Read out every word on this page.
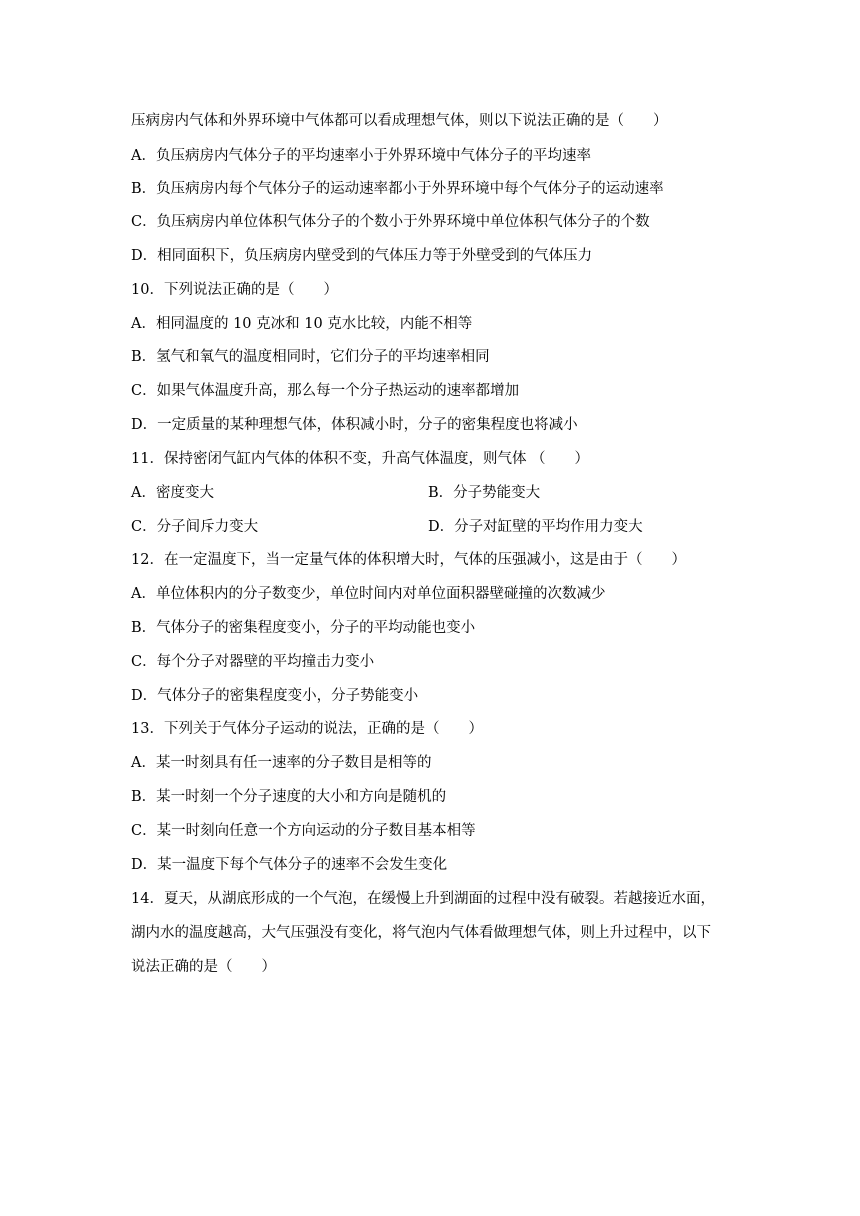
压病房内气体和外界环境中气体都可以看成理想气体，则以下说法正确的是（　　）
A．负压病房内气体分子的平均速率小于外界环境中气体分子的平均速率
B．负压病房内每个气体分子的运动速率都小于外界环境中每个气体分子的运动速率
C．负压病房内单位体积气体分子的个数小于外界环境中单位体积气体分子的个数
D．相同面积下，负压病房内壁受到的气体压力等于外壁受到的气体压力
10．下列说法正确的是（　　）
A．相同温度的 10 克冰和 10 克水比较，内能不相等
B．氢气和氧气的温度相同时，它们分子的平均速率相同
C．如果气体温度升高，那么每一个分子热运动的速率都增加
D．一定质量的某种理想气体，体积减小时，分子的密集程度也将减小
11．保持密闭气缸内气体的体积不变，升高气体温度，则气体 （　　）
A．密度变大	B．分子势能变大
C．分子间斥力变大	D．分子对缸壁的平均作用力变大
12．在一定温度下，当一定量气体的体积增大时，气体的压强减小，这是由于（　　）
A．单位体积内的分子数变少，单位时间内对单位面积器壁碰撞的次数减少
B．气体分子的密集程度变小，分子的平均动能也变小
C．每个分子对器壁的平均撞击力变小
D．气体分子的密集程度变小，分子势能变小
13．下列关于气体分子运动的说法，正确的是（　　）
A．某一时刻具有任一速率的分子数目是相等的
B．某一时刻一个分子速度的大小和方向是随机的
C．某一时刻向任意一个方向运动的分子数目基本相等
D．某一温度下每个气体分子的速率不会发生变化
14．夏天，从湖底形成的一个气泡，在缓慢上升到湖面的过程中没有破裂。若越接近水面，
湖内水的温度越高，大气压强没有变化，将气泡内气体看做理想气体，则上升过程中，以下
说法正确的是（　　）
